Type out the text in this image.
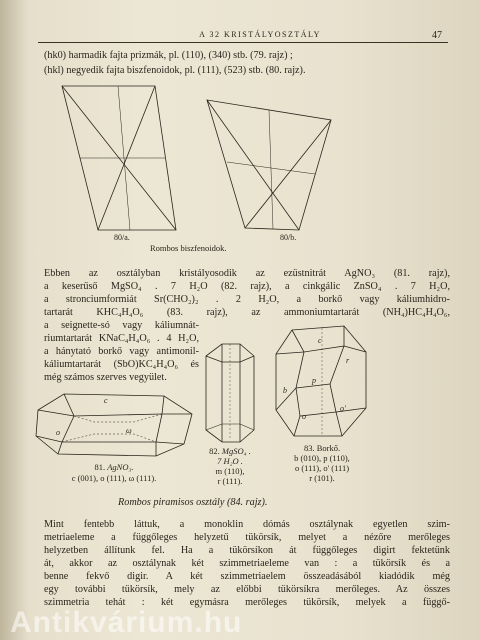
A 32 KRISTÁLYOSZTÁLY	47
(hk0) harmadik fajta prizmák, pl. (110), (340) stb. (79. rajz) ;
(hkl) negyedik fajta biszfenoidok, pl. (111), (523) stb. (80. rajz).
80/a.	80/b.
Rombos biszfenoidok.
Ebben az osztályban kristályosodik az ezüstnitrát AgNO₃ (81. rajz),
a keserűső MgSO₄ . 7 H₂O (82. rajz), a cinkgálic ZnSO₄ . 7 H₂O,
a stronciumformiát Sr(CHO₂)₂ . 2 H₂O, a borkő vagy káliumhidro-
tartarát KHC₄H₄O₆ (83. rajz), az ammoniumtartarát (NH₄)HC₄H₄O₆,
a seignette-só vagy káliumnát-
riumtartarát KNaC₄H₄O₆ . 4 H₂O,
a hánytató borkő vagy antimonil-
káliumtartarát (SbO)KC₄H₄O₆ és
még számos szerves vegyület.
c
o	ω
81. AgNO₃.
c (001), o (111), ω (111).
82. MgSO₄ .
7 H₂O .
m (110),
r (111).
c
p
b
o
o'
r
83. Borkő.
b (010), p (110),
o (111), o' (111)
r (101).
Rombos piramisos osztály (84. rajz).
Mint fentebb láttuk, a monoklin dómás osztálynak egyetlen szim-
metriaeleme a függőleges helyzetű tükörsík, melyet a nézőre merőleges
helyzetben állítunk fel. Ha a tükörsíkon át függőleges digirt fektetünk
át, akkor az osztálynak két szimmetriaeleme van : a tükörsík és a
benne fekvő digir. A két szimmetriaelem összeadásából kiadódik még
egy további tükörsík, mely az előbbi tükörsíkra merőleges. Az összes
szimmetria tehát : két egymásra merőleges tükörsík, melyek a függő-
Antikvárium.hu
